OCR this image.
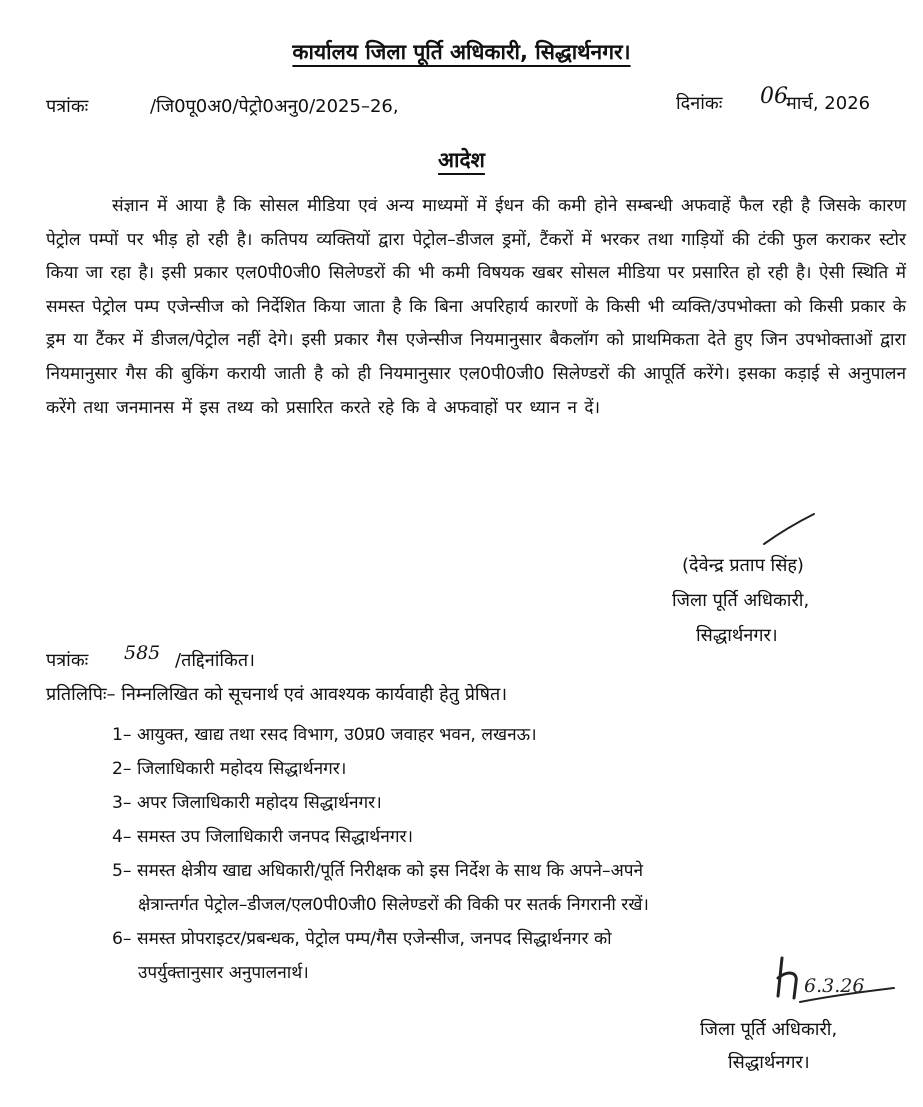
कार्यालय जिला पूर्ति अधिकारी, सिद्धार्थनगर।
पत्रांकः	/जि0पू0अ0/पेट्रो0अनु0/2025–26,	दिनांकः 06
मार्च, 2026
आदेश
संज्ञान में आया है कि सोसल मीडिया एवं अन्य माध्यमों में ईधन की कमी होने सम्बन्धी अफवाहें फैल रही है जिसके कारण पेट्रोल पम्पों पर भीड़ हो रही है। कतिपय व्यक्तियों द्वारा पेट्रोल–डीजल ड्रमों, टैंकरों में भरकर तथा गाड़ियों की टंकी फुल कराकर स्टोर किया जा रहा है। इसी प्रकार एल0पी0जी0 सिलेण्डरों की भी कमी विषयक खबर सोसल मीडिया पर प्रसारित हो रही है। ऐसी स्थिति में समस्त पेट्रोल पम्प एजेन्सीज को निर्देशित किया जाता है कि बिना अपरिहार्य कारणों के किसी भी व्यक्ति/उपभोक्ता को किसी प्रकार के ड्रम या टैंकर में डीजल/पेट्रोल नहीं देगे। इसी प्रकार गैस एजेन्सीज नियमानुसार बैकलॉग को प्राथमिकता देते हुए जिन उपभोक्ताओं द्वारा नियमानुसार गैस की बुकिंग करायी जाती है को ही नियमानुसार एल0पी0जी0 सिलेण्डरों की आपूर्ति करेंगे। इसका कड़ाई से अनुपालन करेंगे तथा जनमानस में इस तथ्य को प्रसारित करते रहे कि वे अफवाहों पर ध्यान न दें।
(देवेन्द्र प्रताप सिंह)
जिला पूर्ति अधिकारी,
सिद्धार्थनगर।
पत्रांकः 585 /तद्दिनांकित।
प्रतिलिपिः– निम्नलिखित को सूचनार्थ एवं आवश्यक कार्यवाही हेतु प्रेषित।
1– आयुक्त, खाद्य तथा रसद विभाग, उ0प्र0 जवाहर भवन, लखनऊ।
2– जिलाधिकारी महोदय सिद्धार्थनगर।
3– अपर जिलाधिकारी महोदय सिद्धार्थनगर।
4– समस्त उप जिलाधिकारी जनपद सिद्धार्थनगर।
5– समस्त क्षेत्रीय खाद्य अधिकारी/पूर्ति निरीक्षक को इस निर्देश के साथ कि अपने–अपने
क्षेत्रान्तर्गत पेट्रोल–डीजल/एल0पी0जी0 सिलेण्डरों की विकी पर सतर्क निगरानी रखें।
6– समस्त प्रोपराइटर/प्रबन्धक, पेट्रोल पम्प/गैस एजेन्सीज, जनपद सिद्धार्थनगर को
उपर्युक्तानुसार अनुपालनार्थ।
6.3.26
जिला पूर्ति अधिकारी,
सिद्धार्थनगर।
